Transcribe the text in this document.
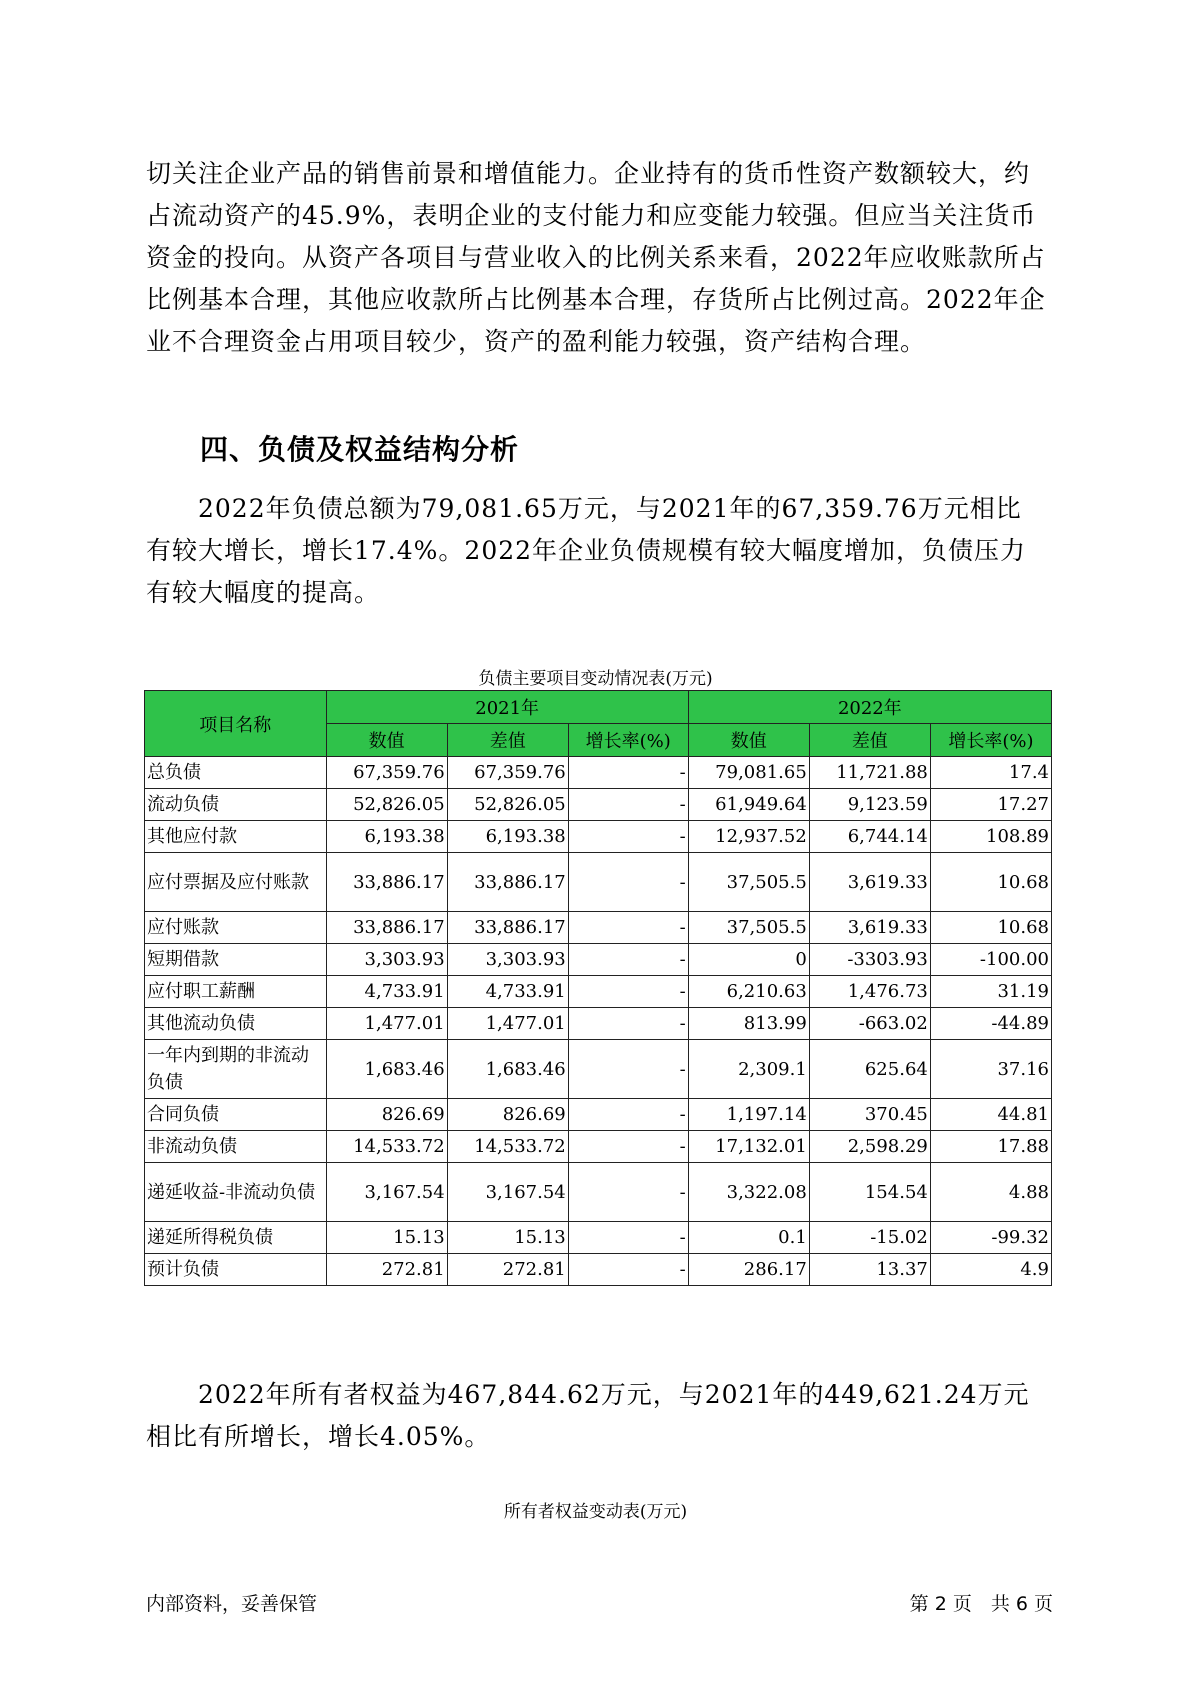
切关注企业产品的销售前景和增值能力。企业持有的货币性资产数额较大，约占流动资产的45.9%，表明企业的支付能力和应变能力较强。但应当关注货币资金的投向。从资产各项目与营业收入的比例关系来看，2022年应收账款所占比例基本合理，其他应收款所占比例基本合理，存货所占比例过高。2022年企业不合理资金占用项目较少，资产的盈利能力较强，资产结构合理。

四、负债及权益结构分析

2022年负债总额为79,081.65万元，与2021年的67,359.76万元相比有较大增长，增长17.4%。2022年企业负债规模有较大幅度增加，负债压力有较大幅度的提高。

负债主要项目变动情况表(万元)

项目名称	2021年			2022年		
	数值	差值	增长率(%)	数值	差值	增长率(%)
总负债	67,359.76	67,359.76	-	79,081.65	11,721.88	17.4
流动负债	52,826.05	52,826.05	-	61,949.64	9,123.59	17.27
其他应付款	6,193.38	6,193.38	-	12,937.52	6,744.14	108.89
应付票据及应付账款	33,886.17	33,886.17	-	37,505.5	3,619.33	10.68
应付账款	33,886.17	33,886.17	-	37,505.5	3,619.33	10.68
短期借款	3,303.93	3,303.93	-	0	-3303.93	-100.00
应付职工薪酬	4,733.91	4,733.91	-	6,210.63	1,476.73	31.19
其他流动负债	1,477.01	1,477.01	-	813.99	-663.02	-44.89
一年内到期的非流动负债	1,683.46	1,683.46	-	2,309.1	625.64	37.16
合同负债	826.69	826.69	-	1,197.14	370.45	44.81
非流动负债	14,533.72	14,533.72	-	17,132.01	2,598.29	17.88
递延收益-非流动负债	3,167.54	3,167.54	-	3,322.08	154.54	4.88
递延所得税负债	15.13	15.13	-	0.1	-15.02	-99.32
预计负债	272.81	272.81	-	286.17	13.37	4.9

2022年所有者权益为467,844.62万元，与2021年的449,621.24万元相比有所增长，增长4.05%。

所有者权益变动表(万元)

内部资料，妥善保管	第 2 页　共 6 页
